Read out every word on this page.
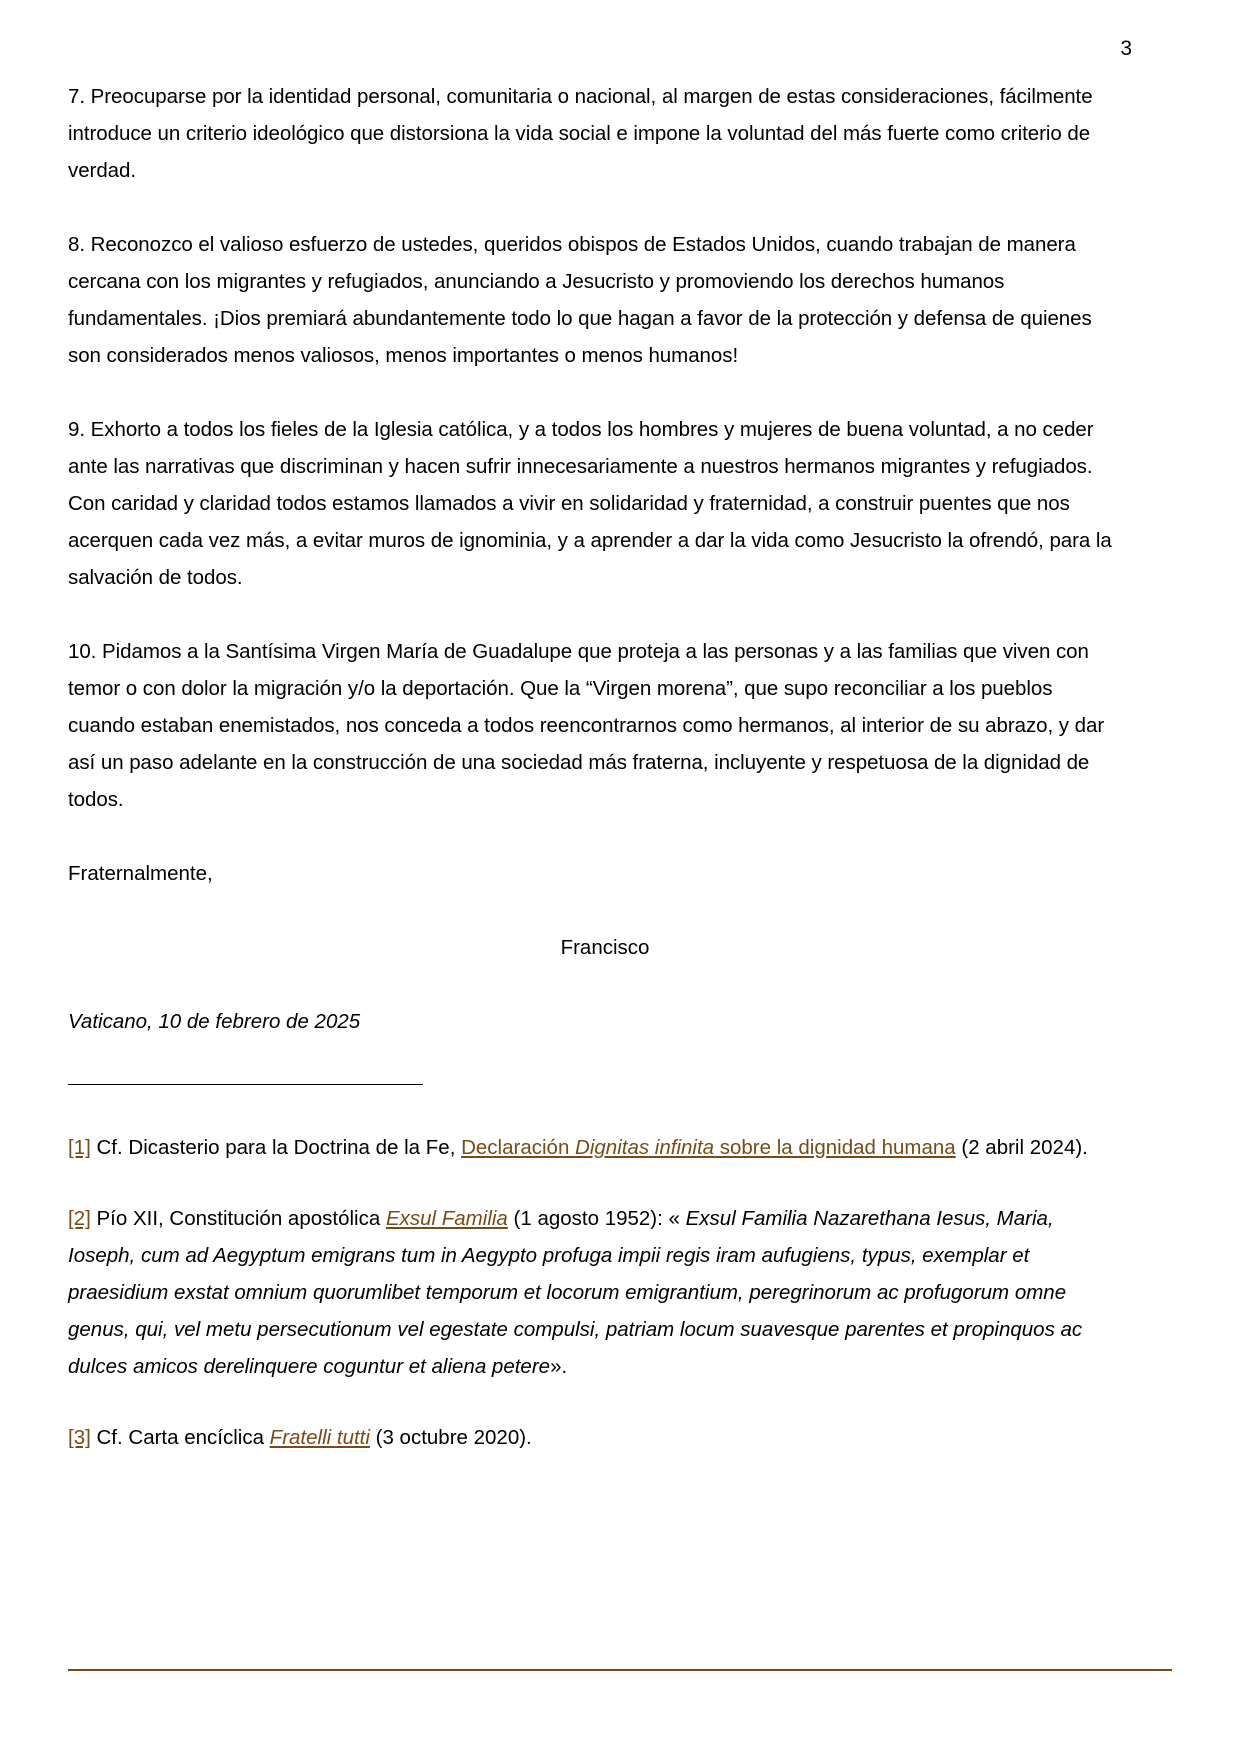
3

7. Preocuparse por la identidad personal, comunitaria o nacional, al margen de estas consideraciones, fácilmente introduce un criterio ideológico que distorsiona la vida social e impone la voluntad del más fuerte como criterio de verdad.

8. Reconozco el valioso esfuerzo de ustedes, queridos obispos de Estados Unidos, cuando trabajan de manera cercana con los migrantes y refugiados, anunciando a Jesucristo y promoviendo los derechos humanos fundamentales. ¡Dios premiará abundantemente todo lo que hagan a favor de la protección y defensa de quienes son considerados menos valiosos, menos importantes o menos humanos!

9. Exhorto a todos los fieles de la Iglesia católica, y a todos los hombres y mujeres de buena voluntad, a no ceder ante las narrativas que discriminan y hacen sufrir innecesariamente a nuestros hermanos migrantes y refugiados. Con caridad y claridad todos estamos llamados a vivir en solidaridad y fraternidad, a construir puentes que nos acerquen cada vez más, a evitar muros de ignominia, y a aprender a dar la vida como Jesucristo la ofrendó, para la salvación de todos.

10. Pidamos a la Santísima Virgen María de Guadalupe que proteja a las personas y a las familias que viven con temor o con dolor la migración y/o la deportación. Que la “Virgen morena”, que supo reconciliar a los pueblos cuando estaban enemistados, nos conceda a todos reencontrarnos como hermanos, al interior de su abrazo, y dar así un paso adelante en la construcción de una sociedad más fraterna, incluyente y respetuosa de la dignidad de todos.

Fraternalmente,

Francisco

Vaticano, 10 de febrero de 2025

[1] Cf. Dicasterio para la Doctrina de la Fe, Declaración Dignitas infinita sobre la dignidad humana (2 abril 2024).

[2] Pío XII, Constitución apostólica Exsul Familia (1 agosto 1952): « Exsul Familia Nazarethana Iesus, Maria, Ioseph, cum ad Aegyptum emigrans tum in Aegypto profuga impii regis iram aufugiens, typus, exemplar et praesidium exstat omnium quorumlibet temporum et locorum emigrantium, peregrinorum ac profugorum omne genus, qui, vel metu persecutionum vel egestate compulsi, patriam locum suavesque parentes et propinquos ac dulces amicos derelinquere coguntur et aliena petere».

[3] Cf. Carta encíclica Fratelli tutti (3 octubre 2020).
